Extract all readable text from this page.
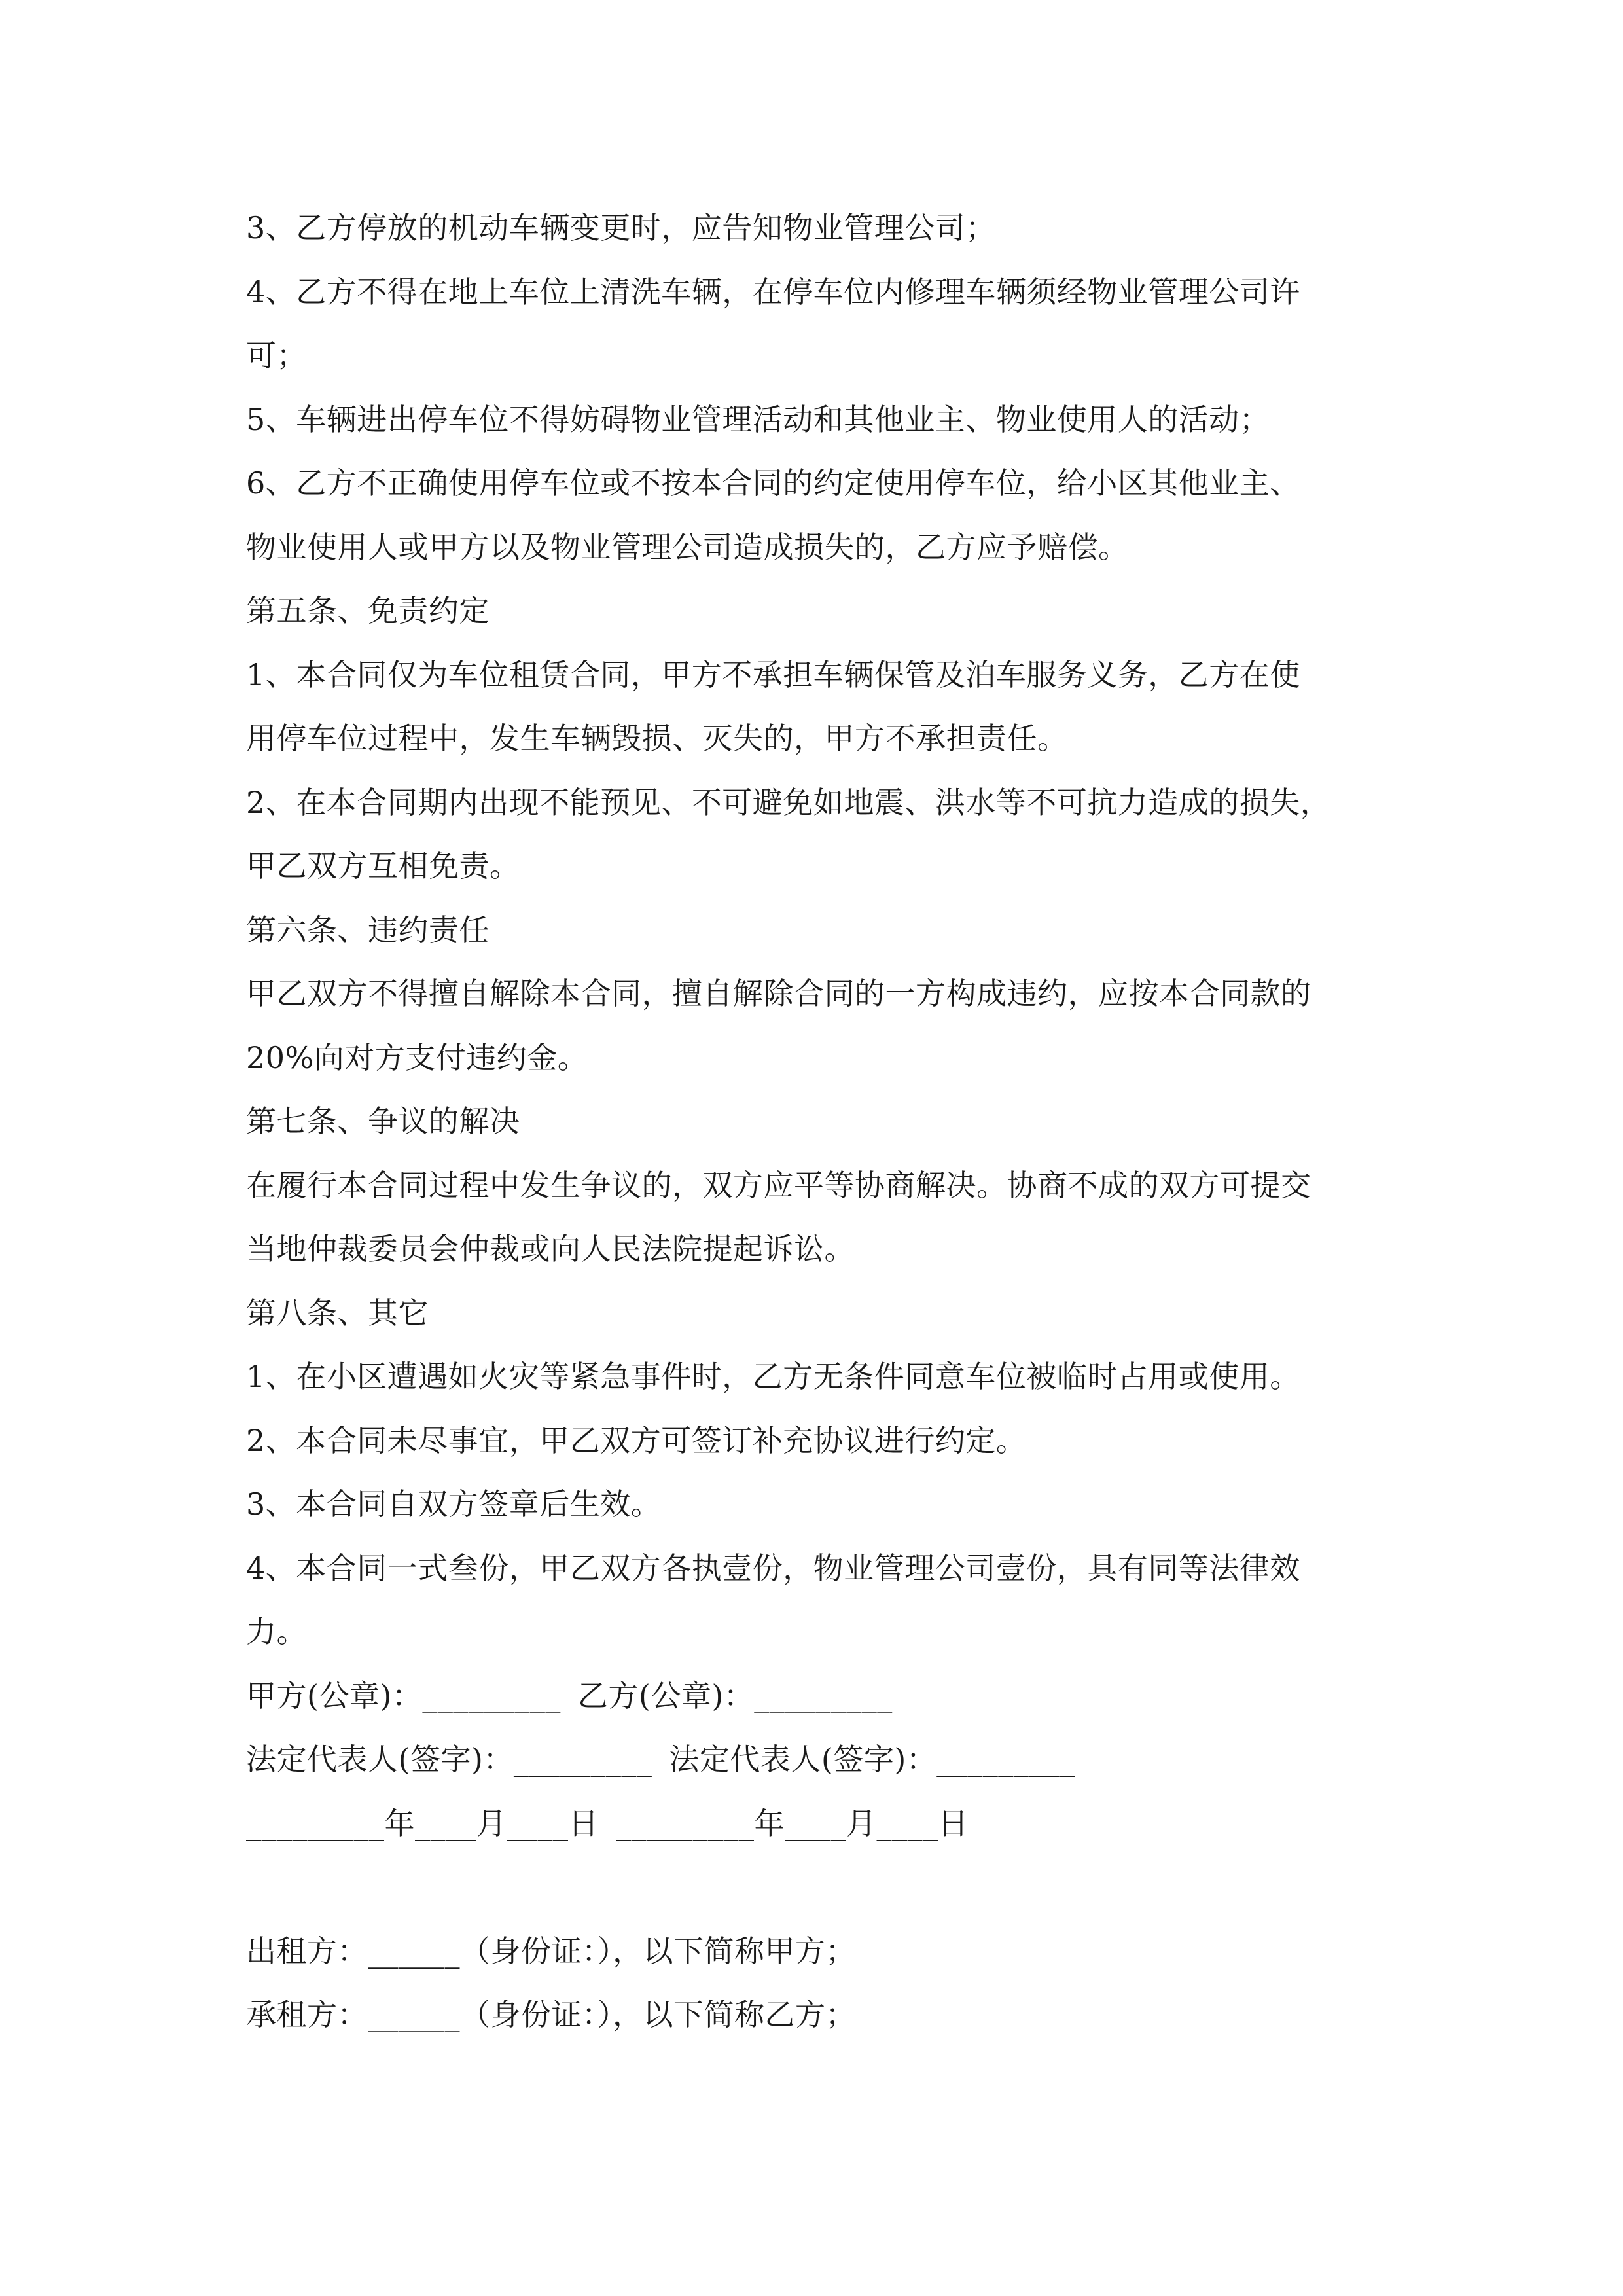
3、乙方停放的机动车辆变更时，应告知物业管理公司；
4、乙方不得在地上车位上清洗车辆，在停车位内修理车辆须经物业管理公司许
可；
5、车辆进出停车位不得妨碍物业管理活动和其他业主、物业使用人的活动；
6、乙方不正确使用停车位或不按本合同的约定使用停车位，给小区其他业主、
物业使用人或甲方以及物业管理公司造成损失的，乙方应予赔偿。
第五条、免责约定
1、本合同仅为车位租赁合同，甲方不承担车辆保管及泊车服务义务，乙方在使
用停车位过程中，发生车辆毁损、灭失的，甲方不承担责任。
2、在本合同期内出现不能预见、不可避免如地震、洪水等不可抗力造成的损失，
甲乙双方互相免责。
第六条、违约责任
甲乙双方不得擅自解除本合同，擅自解除合同的一方构成违约，应按本合同款的
20%向对方支付违约金。
第七条、争议的解决
在履行本合同过程中发生争议的，双方应平等协商解决。协商不成的双方可提交
当地仲裁委员会仲裁或向人民法院提起诉讼。
第八条、其它
1、在小区遭遇如火灾等紧急事件时，乙方无条件同意车位被临时占用或使用。
2、本合同未尽事宜，甲乙双方可签订补充协议进行约定。
3、本合同自双方签章后生效。
4、本合同一式叁份，甲乙双方各执壹份，物业管理公司壹份，具有同等法律效
力。
甲方(公章)：_________ 乙方(公章)：_________
法定代表人(签字)：_________ 法定代表人(签字)：_________
_________年____月____日 _________年____月____日
出租方：______（身份证：），以下简称甲方；
承租方：______（身份证：），以下简称乙方；
